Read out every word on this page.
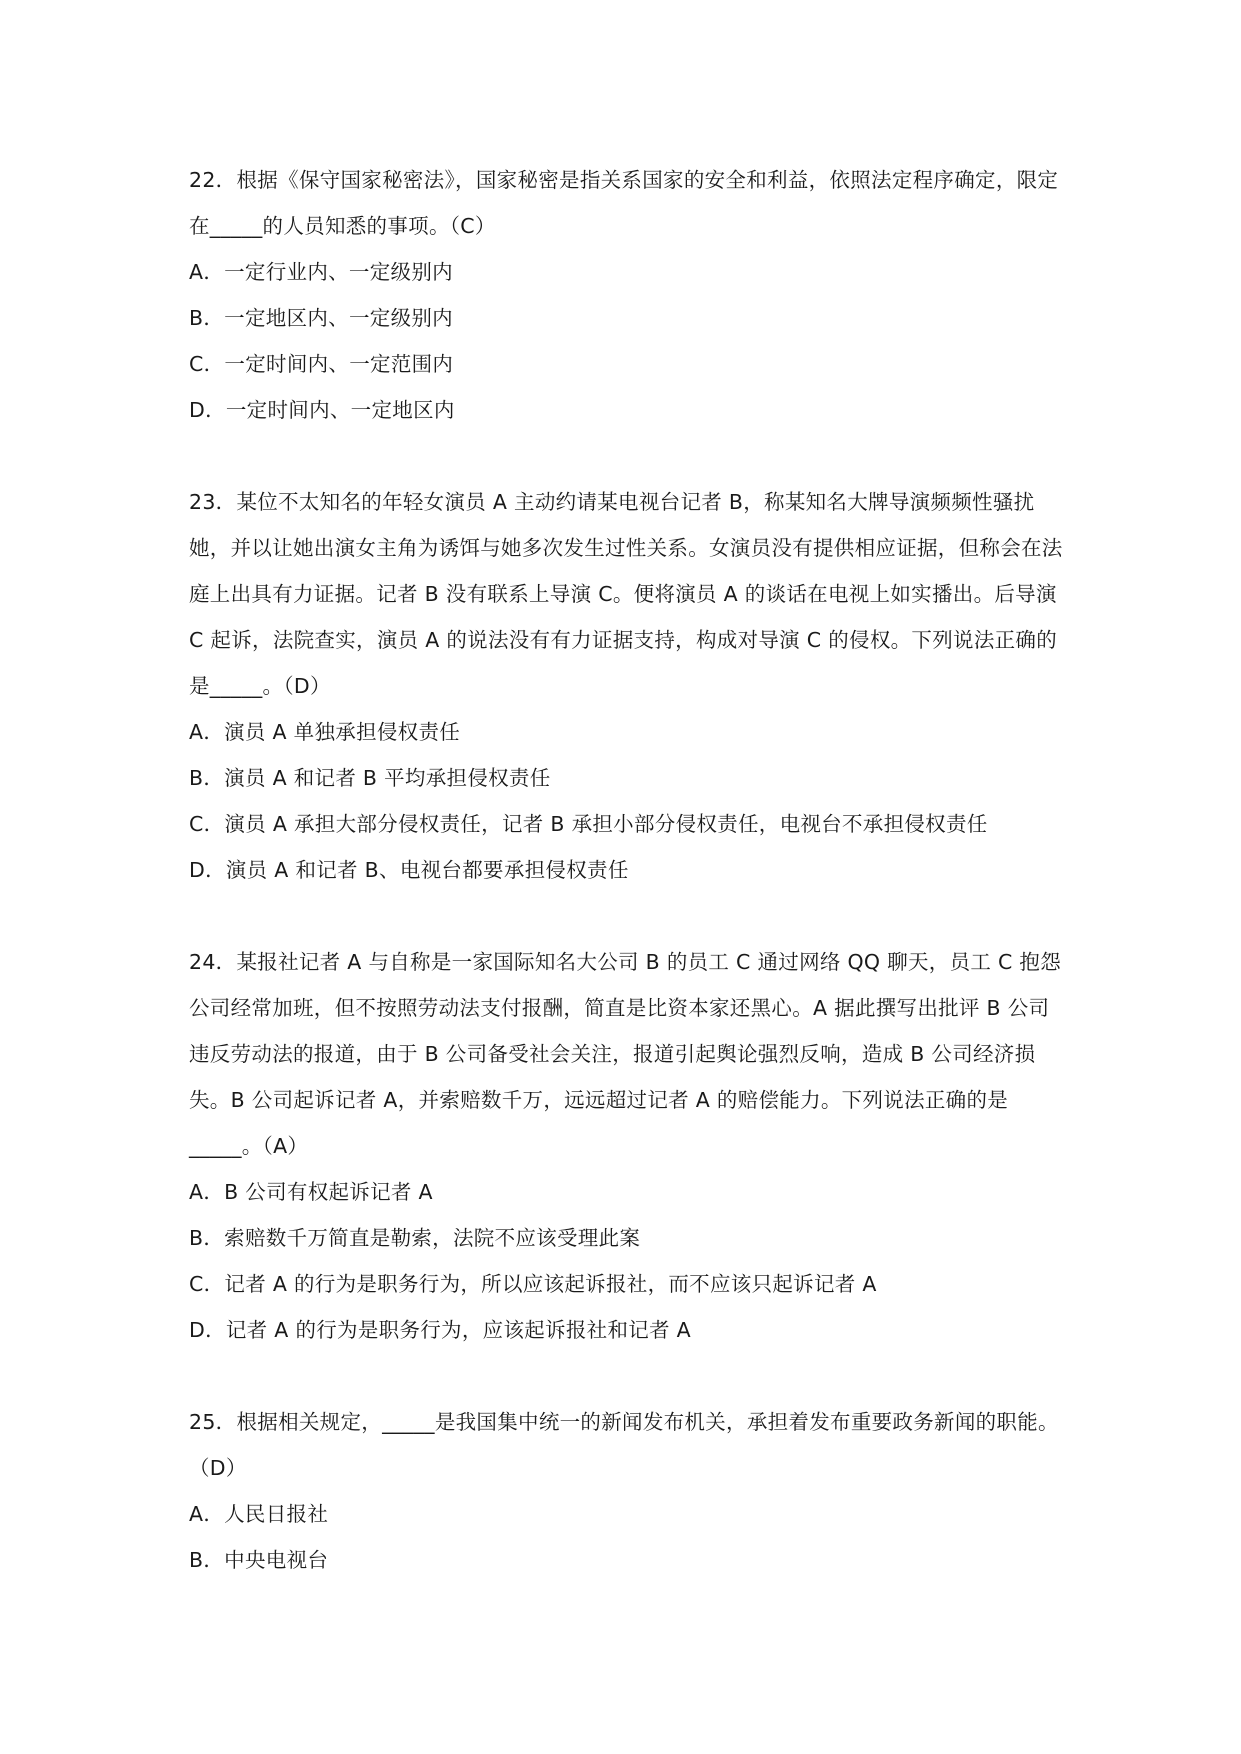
22．根据《保守国家秘密法》，国家秘密是指关系国家的安全和利益，依照法定程序确定，限定在_____的人员知悉的事项。（C）

A．一定行业内、一定级别内

B．一定地区内、一定级别内

C．一定时间内、一定范围内

D．一定时间内、一定地区内

23．某位不太知名的年轻女演员 A 主动约请某电视台记者 B，称某知名大牌导演频频性骚扰她，并以让她出演女主角为诱饵与她多次发生过性关系。女演员没有提供相应证据，但称会在法庭上出具有力证据。记者 B 没有联系上导演 C。便将演员 A 的谈话在电视上如实播出。后导演 C 起诉，法院查实，演员 A 的说法没有有力证据支持，构成对导演 C 的侵权。下列说法正确的是_____。（D）

A．演员 A 单独承担侵权责任

B．演员 A 和记者 B 平均承担侵权责任

C．演员 A 承担大部分侵权责任，记者 B 承担小部分侵权责任，电视台不承担侵权责任

D．演员 A 和记者 B、电视台都要承担侵权责任

24．某报社记者 A 与自称是一家国际知名大公司 B 的员工 C 通过网络 QQ 聊天，员工 C 抱怨公司经常加班，但不按照劳动法支付报酬，简直是比资本家还黑心。A 据此撰写出批评 B 公司违反劳动法的报道，由于 B 公司备受社会关注，报道引起舆论强烈反响，造成 B 公司经济损失。B 公司起诉记者 A，并索赔数千万，远远超过记者 A 的赔偿能力。下列说法正确的是_____。（A）

A．B 公司有权起诉记者 A

B．索赔数千万简直是勒索，法院不应该受理此案

C．记者 A 的行为是职务行为，所以应该起诉报社，而不应该只起诉记者 A

D．记者 A 的行为是职务行为，应该起诉报社和记者 A

25．根据相关规定，_____是我国集中统一的新闻发布机关，承担着发布重要政务新闻的职能。（D）

A．人民日报社

B．中央电视台
